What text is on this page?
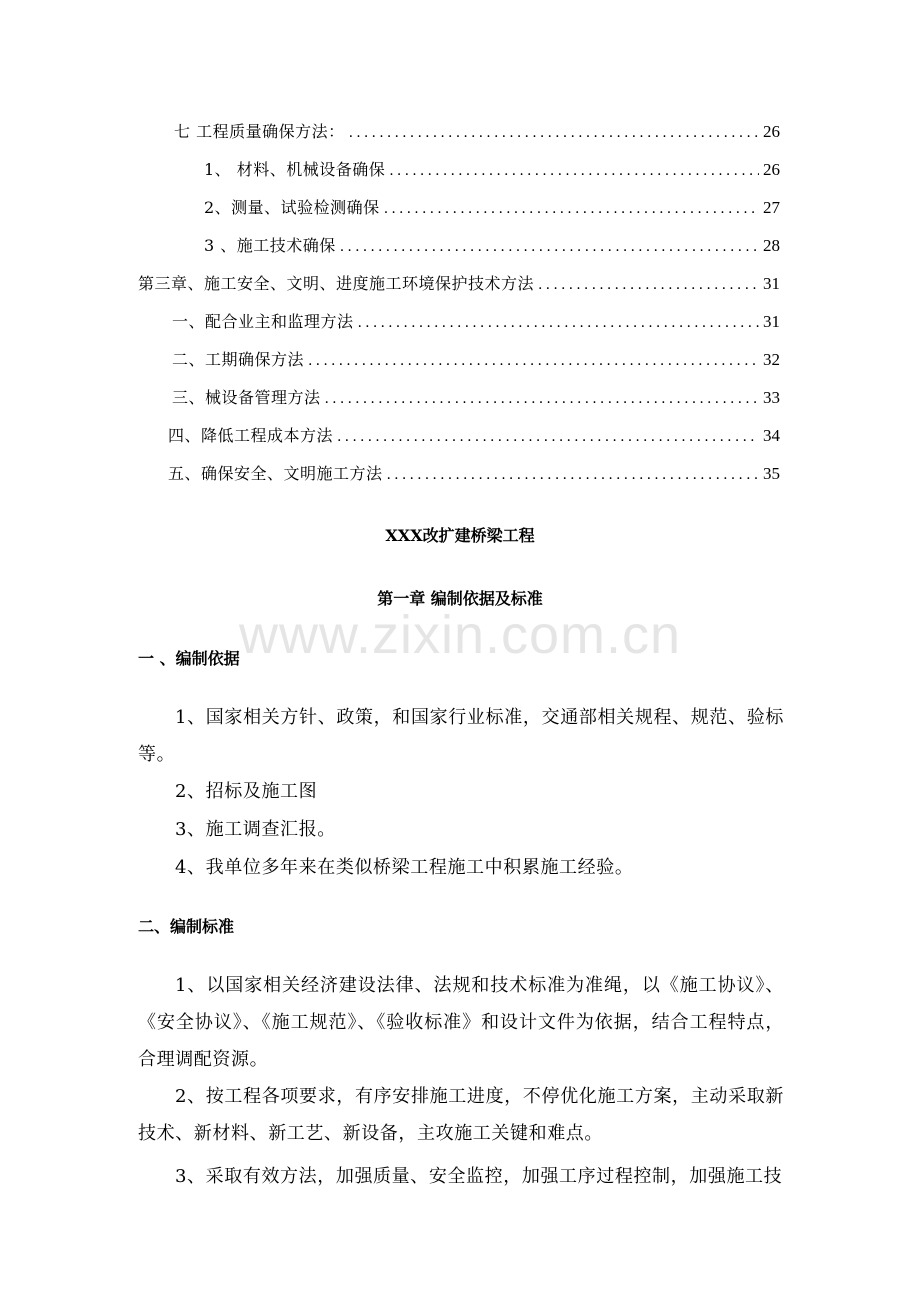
七 工程质量确保方法： .....	26
1、 材料、机械设备确保 .....	26
2、测量、试验检测确保 .....	27
3 、施工技术确保 .....	28
第三章、施工安全、文明、进度施工环境保护技术方法 .....	31
一、配合业主和监理方法 .....	31
二、工期确保方法 .....	32
三、械设备管理方法 .....	33
四、降低工程成本方法 .....	34
五、确保安全、文明施工方法 .....	35
XXX改扩建桥梁工程
www.zixin.com.cn
第一章 编制依据及标准
一 、编制依据
1、国家相关方针、政策，和国家行业标准，交通部相关规程、规范、验标等。
2、招标及施工图
3、施工调查汇报。
4、我单位多年来在类似桥梁工程施工中积累施工经验。
二、编制标准
1、以国家相关经济建设法律、法规和技术标准为准绳，以《施工协议》、《安全协议》、《施工规范》、《验收标准》和设计文件为依据，结合工程特点，合理调配资源。
2、按工程各项要求，有序安排施工进度，不停优化施工方案，主动采取新技术、新材料、新工艺、新设备，主攻施工关键和难点。
3、采取有效方法，加强质量、安全监控，加强工序过程控制，加强施工技
